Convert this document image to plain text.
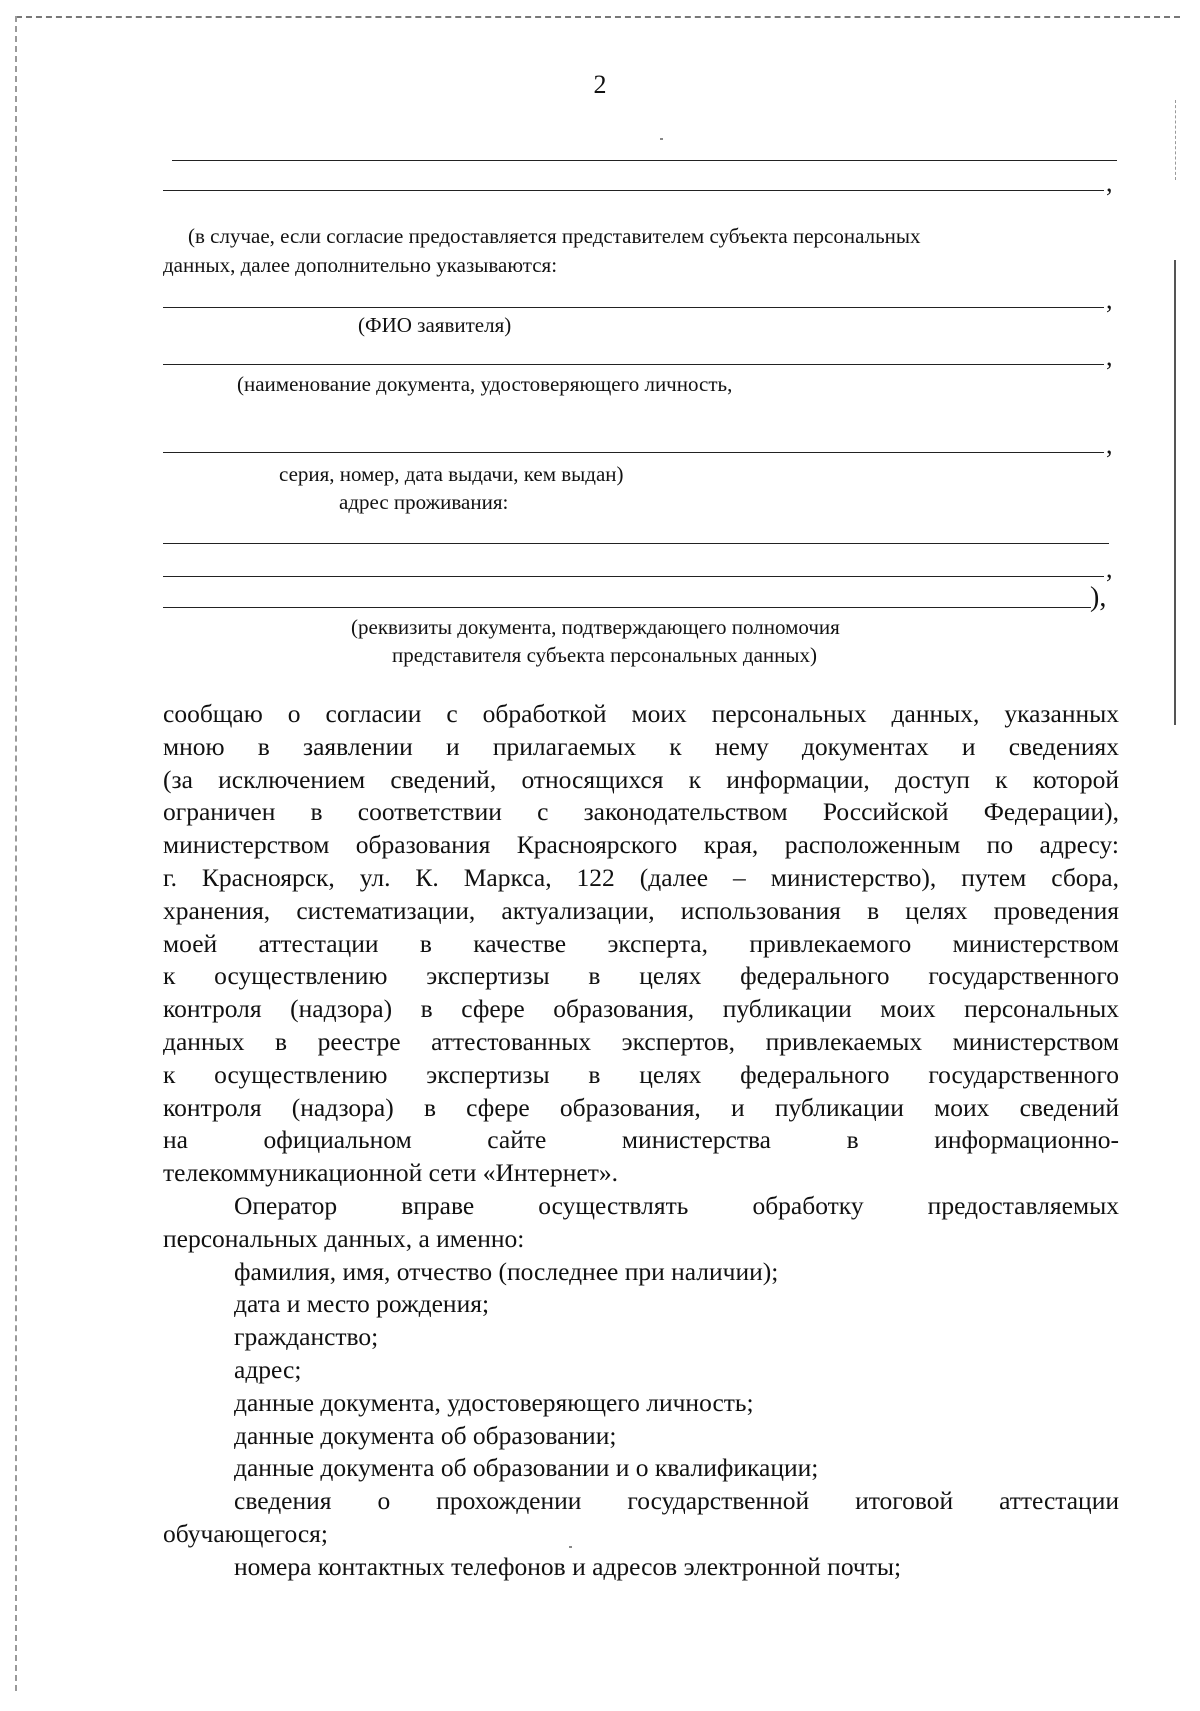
2
,
(в случае, если согласие предоставляется представителем субъекта персональных
данных, далее дополнительно указываются:
,
(ФИО заявителя)
,
(наименование документа, удостоверяющего личность,
,
серия, номер, дата выдачи, кем выдан)
адрес проживания:
,
),
(реквизиты документа, подтверждающего полномочия
представителя субъекта персональных данных)
сообщаю о согласии с обработкой моих персональных данных, указанных
мною в заявлении и прилагаемых к нему документах и сведениях
(за исключением сведений, относящихся к информации, доступ к которой
ограничен в соответствии с законодательством Российской Федерации),
министерством образования Красноярского края, расположенным по адресу:
г. Красноярск, ул. К. Маркса, 122 (далее – министерство), путем сбора,
хранения, систематизации, актуализации, использования в целях проведения
моей аттестации в качестве эксперта, привлекаемого министерством
к осуществлению экспертизы в целях федерального государственного
контроля (надзора) в сфере образования, публикации моих персональных
данных в реестре аттестованных экспертов, привлекаемых министерством
к осуществлению экспертизы в целях федерального государственного
контроля (надзора) в сфере образования, и публикации моих сведений
на официальном сайте министерства в информационно-
телекоммуникационной сети «Интернет».
Оператор вправе осуществлять обработку предоставляемых
персональных данных, а именно:
фамилия, имя, отчество (последнее при наличии);
дата и место рождения;
гражданство;
адрес;
данные документа, удостоверяющего личность;
данные документа об образовании;
данные документа об образовании и о квалификации;
сведения о прохождении государственной итоговой аттестации
обучающегося;
номера контактных телефонов и адресов электронной почты;
